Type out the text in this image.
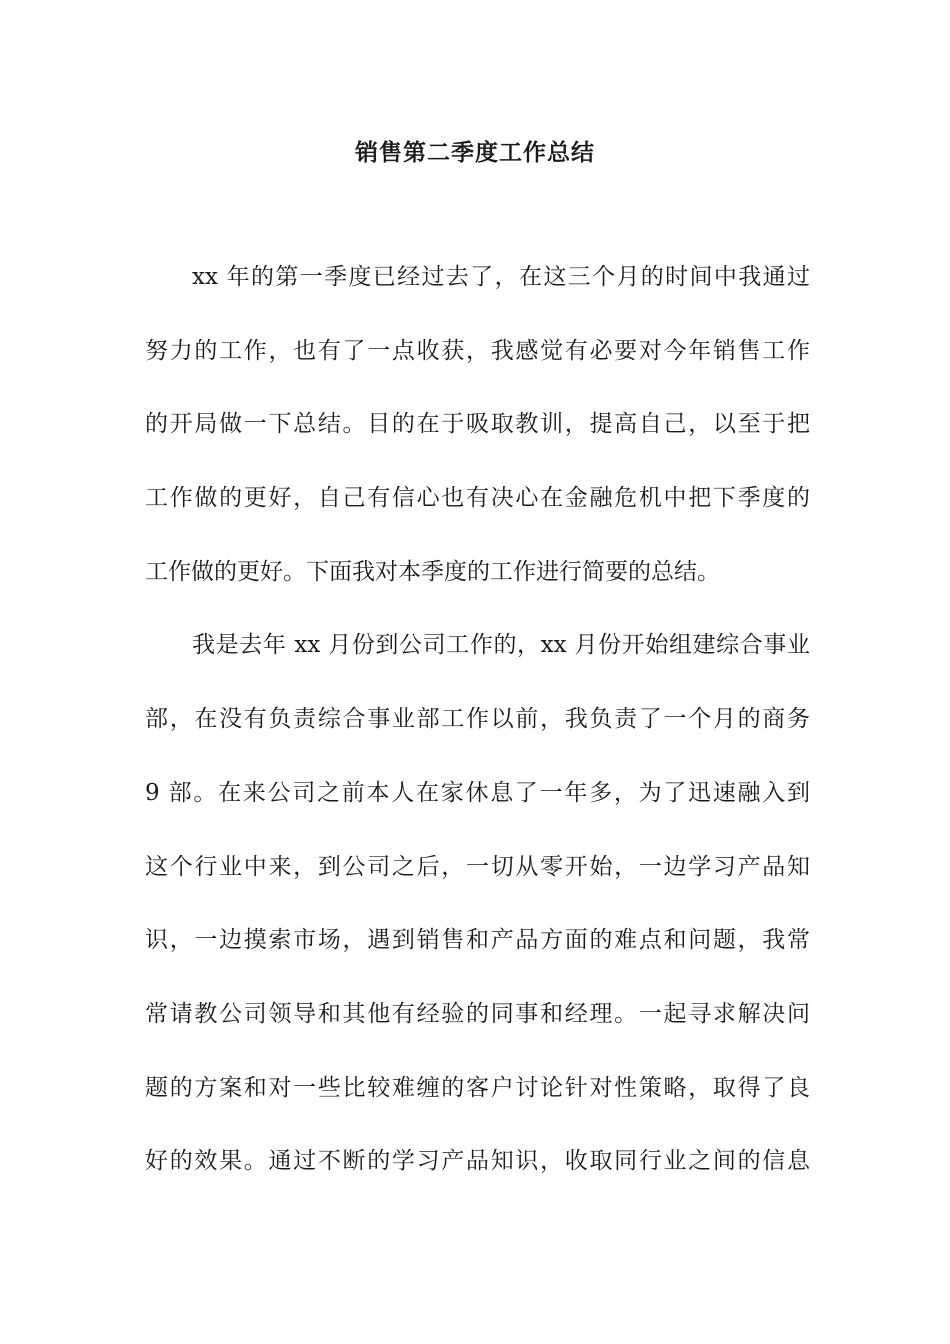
销售第二季度工作总结
xx 年的第一季度已经过去了，在这三个月的时间中我通过
努力的工作，也有了一点收获，我感觉有必要对今年销售工作
的开局做一下总结。目的在于吸取教训，提高自己，以至于把
工作做的更好，自己有信心也有决心在金融危机中把下季度的
工作做的更好。下面我对本季度的工作进行简要的总结。
我是去年 xx 月份到公司工作的，xx 月份开始组建综合事业
部，在没有负责综合事业部工作以前，我负责了一个月的商务
9 部。在来公司之前本人在家休息了一年多，为了迅速融入到
这个行业中来，到公司之后，一切从零开始，一边学习产品知
识，一边摸索市场，遇到销售和产品方面的难点和问题，我常
常请教公司领导和其他有经验的同事和经理。一起寻求解决问
题的方案和对一些比较难缠的客户讨论针对性策略，取得了良
好的效果。通过不断的学习产品知识，收取同行业之间的信息
